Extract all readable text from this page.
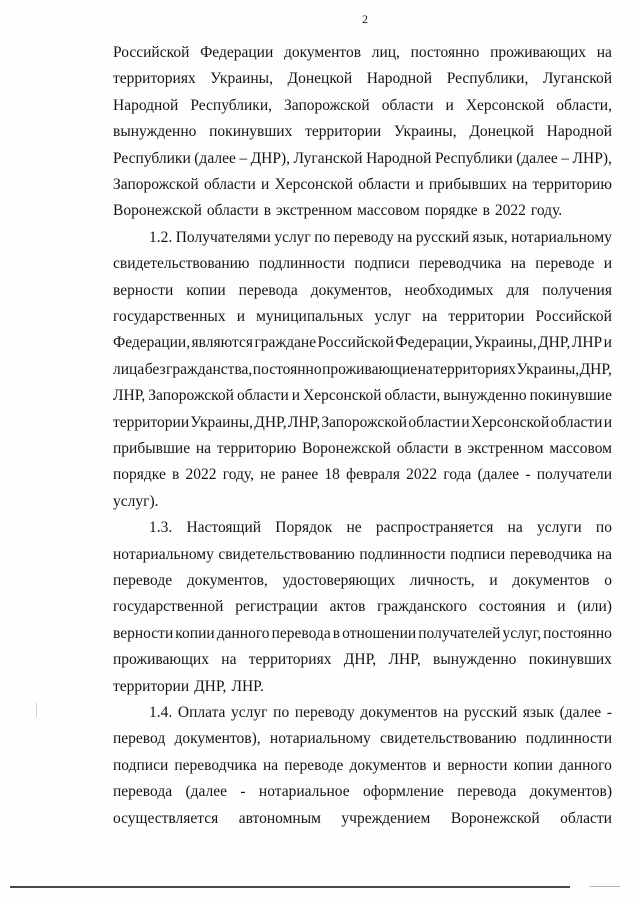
2
Российской Федерации документов лиц, постоянно проживающих на
территориях Украины, Донецкой Народной Республики, Луганской
Народной Республики, Запорожской области и Херсонской области,
вынужденно покинувших территории Украины, Донецкой Народной
Республики (далее – ДНР), Луганской Народной Республики (далее – ЛНР),
Запорожской области и Херсонской области и прибывших на территорию
Воронежской области в экстренном массовом порядке в 2022 году.
1.2. Получателями услуг по переводу на русский язык, нотариальному
свидетельствованию подлинности подписи переводчика на переводе и
верности копии перевода документов, необходимых для получения
государственных и муниципальных услуг на территории Российской
Федерации, являются граждане Российской Федерации, Украины, ДНР, ЛНР и
лица без гражданства, постоянно проживающие на территориях Украины, ДНР,
ЛНР, Запорожской области и Херсонской области, вынужденно покинувшие
территории Украины, ДНР, ЛНР, Запорожской области и Херсонской области и
прибывшие на территорию Воронежской области в экстренном массовом
порядке в 2022 году, не ранее 18 февраля 2022 года (далее - получатели
услуг).
1.3. Настоящий Порядок не распространяется на услуги по
нотариальному свидетельствованию подлинности подписи переводчика на
переводе документов, удостоверяющих личность, и документов о
государственной регистрации актов гражданского состояния и (или)
верности копии данного перевода в отношении получателей услуг, постоянно
проживающих на территориях ДНР, ЛНР, вынужденно покинувших
территории ДНР, ЛНР.
1.4. Оплата услуг по переводу документов на русский язык (далее -
перевод документов), нотариальному свидетельствованию подлинности
подписи переводчика на переводе документов и верности копии данного
перевода (далее - нотариальное оформление перевода документов)
осуществляется автономным учреждением Воронежской области
